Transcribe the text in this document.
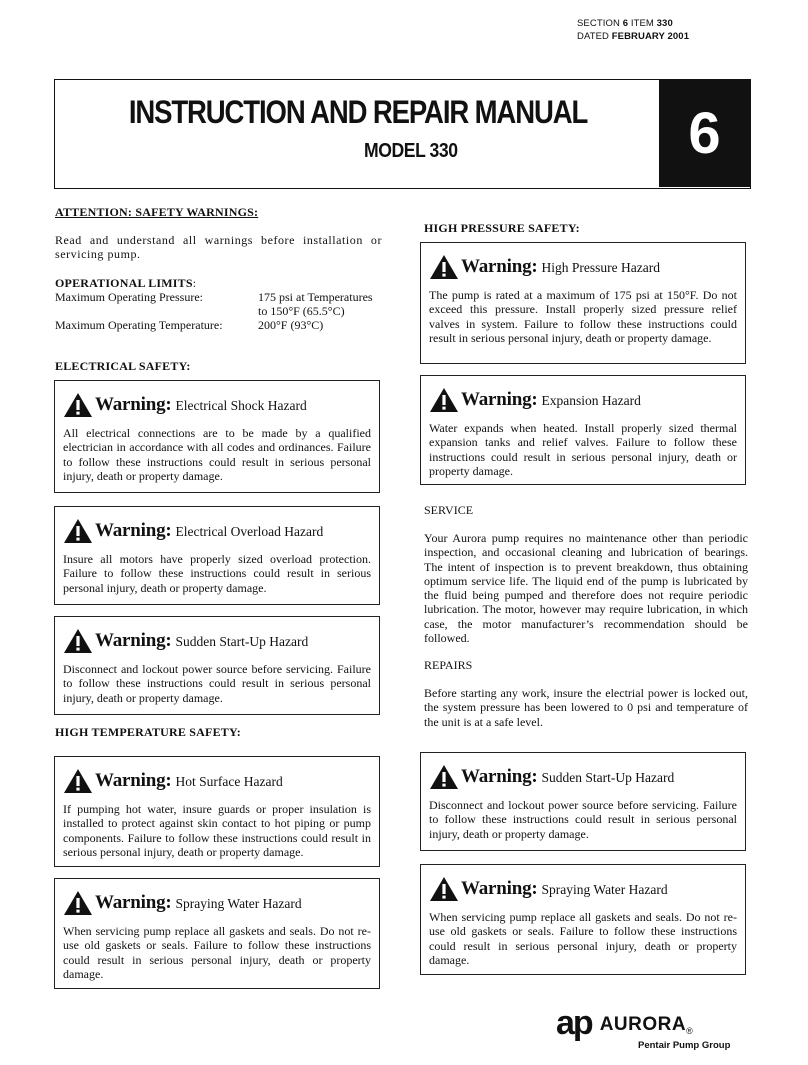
SECTION 6 ITEM 330
DATED FEBRUARY 2001
INSTRUCTION AND REPAIR MANUAL
MODEL 330	6
ATTENTION: SAFETY WARNINGS:
Read and understand all warnings before installation or servicing pump.
OPERATIONAL LIMITS:
Maximum Operating Pressure:	175 psi at Temperatures
to 150°F (65.5°C)
Maximum Operating Temperature:	200°F (93°C)
ELECTRICAL SAFETY:
Warning: Electrical Shock Hazard
All electrical connections are to be made by a qualified electrician in accordance with all codes and ordinances. Failure to follow these instructions could result in serious personal injury, death or property damage.
Warning: Electrical Overload Hazard
Insure all motors have properly sized overload protection. Failure to follow these instructions could result in serious personal injury, death or property damage.
Warning: Sudden Start-Up Hazard
Disconnect and lockout power source before servicing. Failure to follow these instructions could result in serious personal injury, death or property damage.
HIGH TEMPERATURE SAFETY:
Warning: Hot Surface Hazard
If pumping hot water, insure guards or proper insulation is installed to protect against skin contact to hot piping or pump components. Failure to follow these instructions could result in serious personal injury, death or property damage.
Warning: Spraying Water Hazard
When servicing pump replace all gaskets and seals. Do not re-use old gaskets or seals. Failure to follow these instructions could result in serious personal injury, death or property damage.
HIGH PRESSURE SAFETY:
Warning: High Pressure Hazard
The pump is rated at a maximum of 175 psi at 150°F. Do not exceed this pressure. Install properly sized pressure relief valves in system. Failure to follow these instructions could result in serious personal injury, death or property damage.
Warning: Expansion Hazard
Water expands when heated. Install properly sized thermal expansion tanks and relief valves. Failure to follow these instructions could result in serious personal injury, death or property damage.
SERVICE
Your Aurora pump requires no maintenance other than periodic inspection, and occasional cleaning and lubrication of bearings. The intent of inspection is to prevent breakdown, thus obtaining optimum service life. The liquid end of the pump is lubricated by the fluid being pumped and therefore does not require periodic lubrication. The motor, however may require lubrication, in which case, the motor manufacturer’s recommendation should be followed.
REPAIRS
Before starting any work, insure the electrial power is locked out, the system pressure has been lowered to 0 psi and temperature of the unit is at a safe level.
Warning: Sudden Start-Up Hazard
Disconnect and lockout power source before servicing. Failure to follow these instructions could result in serious personal injury, death or property damage.
Warning: Spraying Water Hazard
When servicing pump replace all gaskets and seals. Do not re-use old gaskets or seals. Failure to follow these instructions could result in serious personal injury, death or property damage.
ap AURORA ®
Pentair Pump Group
